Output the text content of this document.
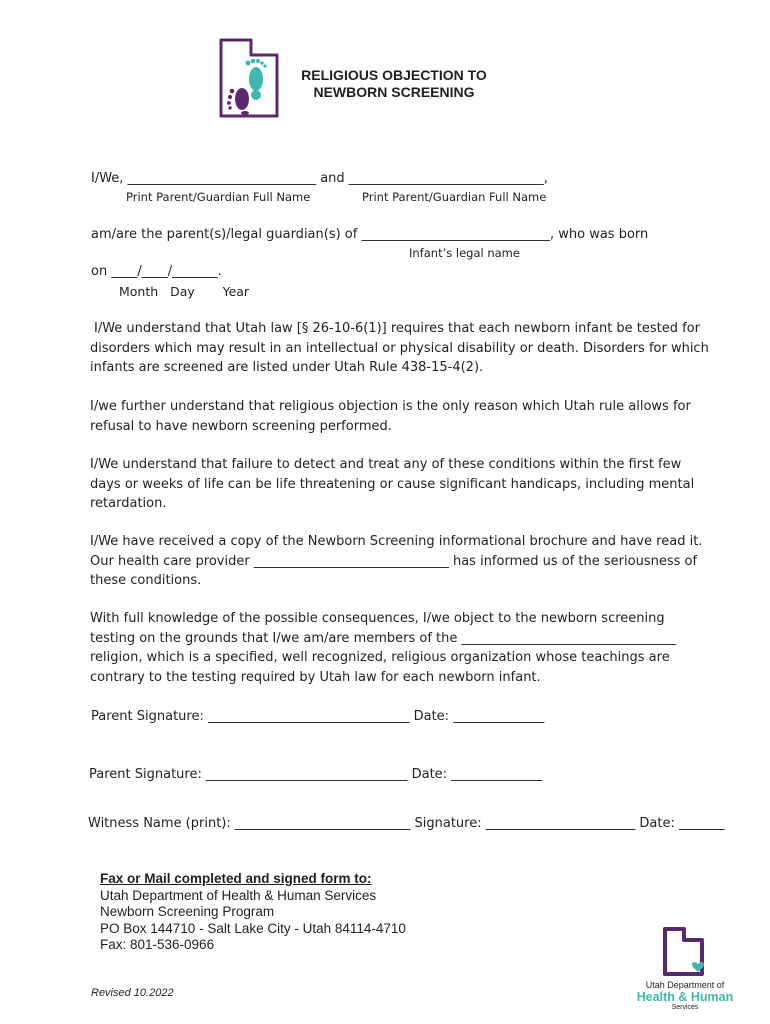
RELIGIOUS OBJECTION TO
NEWBORN SCREENING
I/We, _____________________________ and ______________________________,
Print Parent/Guardian Full Name	Print Parent/Guardian Full Name
am/are the parent(s)/legal guardian(s) of _____________________________, who was born
Infant’s legal name
on ____/____/_______.
Month   Day       Year
I/We understand that Utah law [§ 26-10-6(1)] requires that each newborn infant be tested for disorders which may result in an intellectual or physical disability or death. Disorders for which infants are screened are listed under Utah Rule 438-15-4(2).
I/we further understand that religious objection is the only reason which Utah rule allows for refusal to have newborn screening performed.
I/We understand that failure to detect and treat any of these conditions within the first few days or weeks of life can be life threatening or cause significant handicaps, including mental retardation.
I/We have received a copy of the Newborn Screening informational brochure and have read it. Our health care provider ______________________________ has informed us of the seriousness of these conditions.
With full knowledge of the possible consequences, I/we object to the newborn screening testing on the grounds that I/we am/are members of the _________________________________ religion, which is a specified, well recognized, religious organization whose teachings are contrary to the testing required by Utah law for each newborn infant.
Parent Signature: _______________________________ Date: ______________
Parent Signature: _______________________________ Date: ______________
Witness Name (print): ___________________________ Signature: _______________________ Date: _______
Fax or Mail completed and signed form to:
Utah Department of Health & Human Services
Newborn Screening Program
PO Box 144710 - Salt Lake City - Utah 84114-4710
Fax: 801-536-0966
Revised 10.2022
Utah Department of
Health & Human
Services
